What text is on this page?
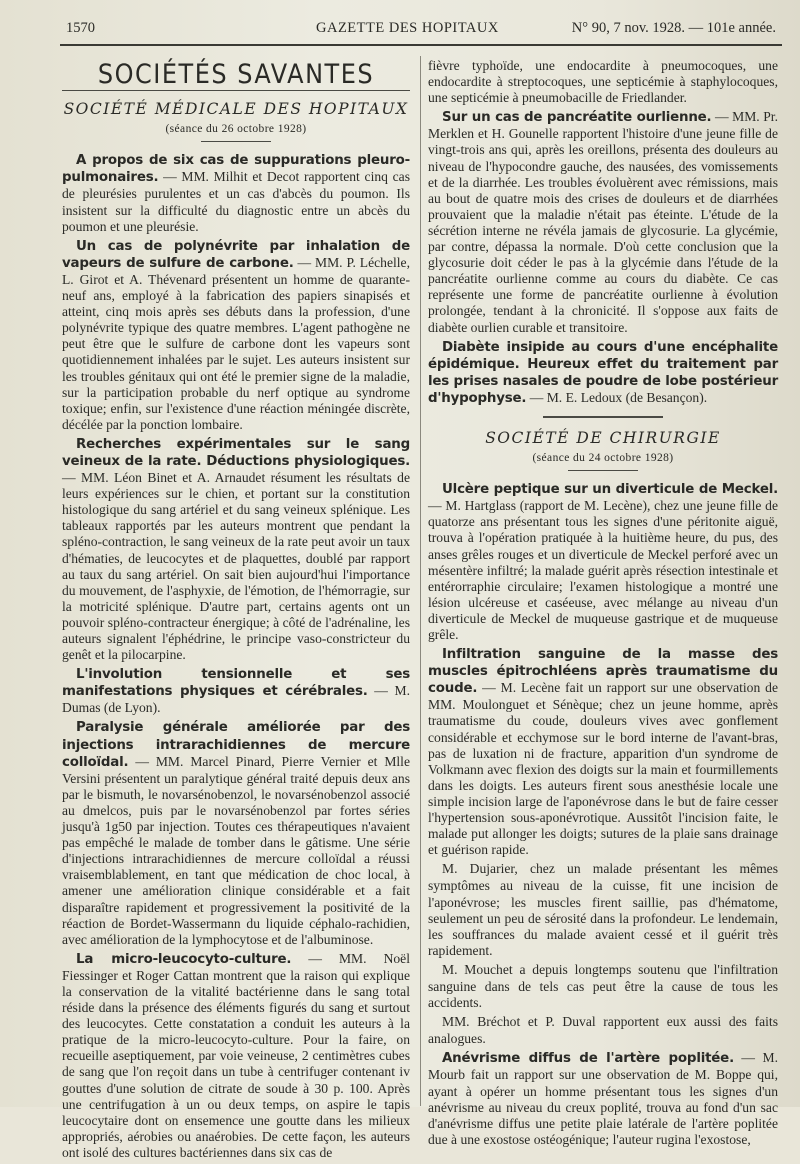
1570	GAZETTE DES HOPITAUX	N° 90, 7 nov. 1928. — 101e année.
SOCIÉTÉS SAVANTES
SOCIÉTÉ MÉDICALE DES HOPITAUX
(séance du 26 octobre 1928)

A propos de six cas de suppurations pleuro-pulmonaires. — MM. Milhit et Decot rapportent cinq cas de pleurésies purulentes et un cas d'abcès du poumon. Ils insistent sur la difficulté du diagnostic entre un abcès du poumon et une pleurésie.

Un cas de polynévrite par inhalation de vapeurs de sulfure de carbone. — MM. P. Léchelle, L. Girot et A. Thévenard présentent un homme de quarante-neuf ans, employé à la fabrication des papiers sinapisés et atteint, cinq mois après ses débuts dans la profession, d'une polynévrite typique des quatre membres. L'agent pathogène ne peut être que le sulfure de carbone dont les vapeurs sont quotidiennement inhalées par le sujet. Les auteurs insistent sur les troubles génitaux qui ont été le premier signe de la maladie, sur la participation probable du nerf optique au syndrome toxique; enfin, sur l'existence d'une réaction méningée discrète, décélée par la ponction lombaire.

Recherches expérimentales sur le sang veineux de la rate. Déductions physiologiques. — MM. Léon Binet et A. Arnaudet résument les résultats de leurs expériences sur le chien, et portant sur la constitution histologique du sang artériel et du sang veineux splénique. Les tableaux rapportés par les auteurs montrent que pendant la splénо-contraction, le sang veineux de la rate peut avoir un taux d'hématies, de leucocytes et de plaquettes, doublé par rapport au taux du sang artériel. On sait bien aujourd'hui l'importance du mouvement, de l'asphyxie, de l'émotion, de l'hémorragie, sur la motricité splénique. D'autre part, certains agents ont un pouvoir spléno-contracteur énergique; à côté de l'adrénaline, les auteurs signalent l'éphédrine, le principe vaso-constricteur du genêt et la pilocarpine.

L'involution tensionnelle et ses manifestations physiques et cérébrales. — M. Dumas (de Lyon).

Paralysie générale améliorée par des injections intrarachidiennes de mercure colloïdal. — MM. Marcel Pinard, Pierre Vernier et Mlle Versini présentent un paralytique général traité depuis deux ans par le bismuth, le novarsénobenzol, le novarsénobenzol associé au dmelcos, puis par le novarsénobenzol par fortes séries jusqu'à 1g50 par injection. Toutes ces thérapeutiques n'avaient pas empêché le malade de tomber dans le gâtisme. Une série d'injections intrarachidiennes de mercure colloïdal a réussi vraisemblablement, en tant que médication de choc local, à amener une amélioration clinique considérable et a fait disparaître rapidement et progressivement la positivité de la réaction de Bordet-Wassermann du liquide céphalo-rachidien, avec amélioration de la lymphocytose et de l'albuminose.

La micro-leucocyto-culture. — MM. Noël Fiessinger et Roger Cattan montrent que la raison qui explique la conservation de la vitalité bactérienne dans le sang total réside dans la présence des éléments figurés du sang et surtout des leucocytes. Cette constatation a conduit les auteurs à la pratique de la micro-leucocyto-culture. Pour la faire, on recueille aseptiquement, par voie veineuse, 2 centimètres cubes de sang que l'on reçoit dans un tube à centrifuger contenant iv gouttes d'une solution de citrate de soude à 30 p. 100. Après une centrifugation à un ou deux temps, on aspire le tapis leucocytaire dont on ensemence une goutte dans les milieux appropriés, aérobies ou anaérobies. De cette façon, les auteurs ont isolé des cultures bactériennes dans six cas de

fièvre typhoïde, une endocardite à pneumocoques, une endocardite à streptocoques, une septicémie à staphylocoques, une septicémie à pneumobacille de Friedlander.

Sur un cas de pancréatite ourlienne. — MM. Pr. Merklen et H. Gounelle rapportent l'histoire d'une jeune fille de vingt-trois ans qui, après les oreillons, présenta des douleurs au niveau de l'hypocondre gauche, des nausées, des vomissements et de la diarrhée. Les troubles évoluèrent avec rémissions, mais au bout de quatre mois des crises de douleurs et de diarrhées prouvaient que la maladie n'était pas éteinte. L'étude de la sécrétion interne ne révéla jamais de glycosurie. La glycémie, par contre, dépassa la normale. D'où cette conclusion que la glycosurie doit céder le pas à la glycémie dans l'étude de la pancréatite ourlienne comme au cours du diabète. Ce cas représente une forme de pancréatite ourlienne à évolution prolongée, tendant à la chronicité. Il s'oppose aux faits de diabète ourlien curable et transitoire.

Diabète insipide au cours d'une encéphalite épidémique. Heureux effet du traitement par les prises nasales de poudre de lobe postérieur d'hypophyse. — M. E. Ledoux (de Besançon).

SOCIÉTÉ DE CHIRURGIE
(séance du 24 octobre 1928)

Ulcère peptique sur un diverticule de Meckel. — M. Hartglass (rapport de M. Lecène), chez une jeune fille de quatorze ans présentant tous les signes d'une péritonite aiguë, trouva à l'opération pratiquée à la huitième heure, du pus, des anses grêles rouges et un diverticule de Meckel perforé avec un mésentère infiltré; la malade guérit après résection intestinale et entérorraphie circulaire; l'examen histologique a montré une lésion ulcéreuse et caséeuse, avec mélange au niveau d'un diverticule de Meckel de muqueuse gastrique et de muqueuse grêle.

Infiltration sanguine de la masse des muscles épitrochléens après traumatisme du coude. — M. Lecène fait un rapport sur une observation de MM. Moulonguet et Sénèque; chez un jeune homme, après traumatisme du coude, douleurs vives avec gonflement considérable et ecchymose sur le bord interne de l'avant-bras, pas de luxation ni de fracture, apparition d'un syndrome de Volkmann avec flexion des doigts sur la main et fourmillements dans les doigts. Les auteurs firent sous anesthésie locale une simple incision large de l'aponévrose dans le but de faire cesser l'hypertension sous-aponévrotique. Aussitôt l'incision faite, le malade put allonger les doigts; sutures de la plaie sans drainage et guérison rapide.

M. Dujarier, chez un malade présentant les mêmes symptômes au niveau de la cuisse, fit une incision de l'aponévrose; les muscles firent saillie, pas d'hématome, seulement un peu de sérosité dans la profondeur. Le lendemain, les souffrances du malade avaient cessé et il guérit très rapidement.

M. Mouchet a depuis longtemps soutenu que l'infiltration sanguine dans de tels cas peut être la cause de tous les accidents.

MM. Bréchot et P. Duval rapportent eux aussi des faits analogues.

Anévrisme diffus de l'artère poplitée. — M. Mourb fait un rapport sur une observation de M. Boppe qui, ayant à opérer un homme présentant tous les signes d'un anévrisme au niveau du creux poplité, trouva au fond d'un sac d'anévrisme diffus une petite plaie latérale de l'artère poplitée due à une exostose ostéogénique; l'auteur rugina l'exostose,
